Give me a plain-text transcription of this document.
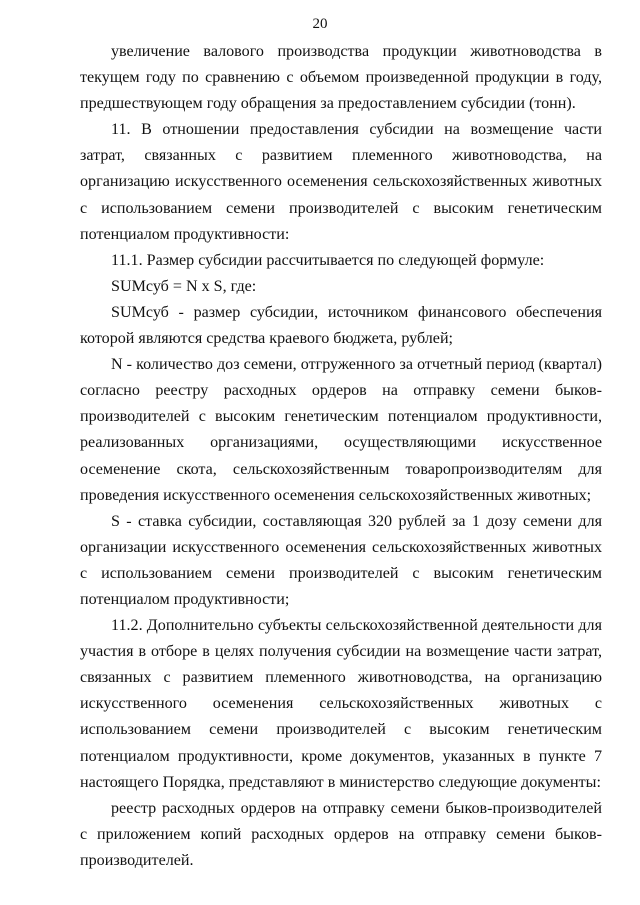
20

увеличение валового производства продукции животноводства в текущем году по сравнению с объемом произведенной продукции в году, предшествующем году обращения за предоставлением субсидии (тонн).

11. В отношении предоставления субсидии на возмещение части затрат, связанных с развитием племенного животноводства, на организацию искусственного осеменения сельскохозяйственных животных с использованием семени производителей с высоким генетическим потенциалом продуктивности:

11.1. Размер субсидии рассчитывается по следующей формуле:

SUMсуб = N x S, где:

SUMсуб - размер субсидии, источником финансового обеспечения которой являются средства краевого бюджета, рублей;

N - количество доз семени, отгруженного за отчетный период (квартал) согласно реестру расходных ордеров на отправку семени быков-производителей с высоким генетическим потенциалом продуктивности, реализованных организациями, осуществляющими искусственное осеменение скота, сельскохозяйственным товаропроизводителям для проведения искусственного осеменения сельскохозяйственных животных;

S - ставка субсидии, составляющая 320 рублей за 1 дозу семени для организации искусственного осеменения сельскохозяйственных животных с использованием семени производителей с высоким генетическим потенциалом продуктивности;

11.2. Дополнительно субъекты сельскохозяйственной деятельности для участия в отборе в целях получения субсидии на возмещение части затрат, связанных с развитием племенного животноводства, на организацию искусственного осеменения сельскохозяйственных животных с использованием семени производителей с высоким генетическим потенциалом продуктивности, кроме документов, указанных в пункте 7 настоящего Порядка, представляют в министерство следующие документы:

реестр расходных ордеров на отправку семени быков-производителей с приложением копий расходных ордеров на отправку семени быков-производителей.
